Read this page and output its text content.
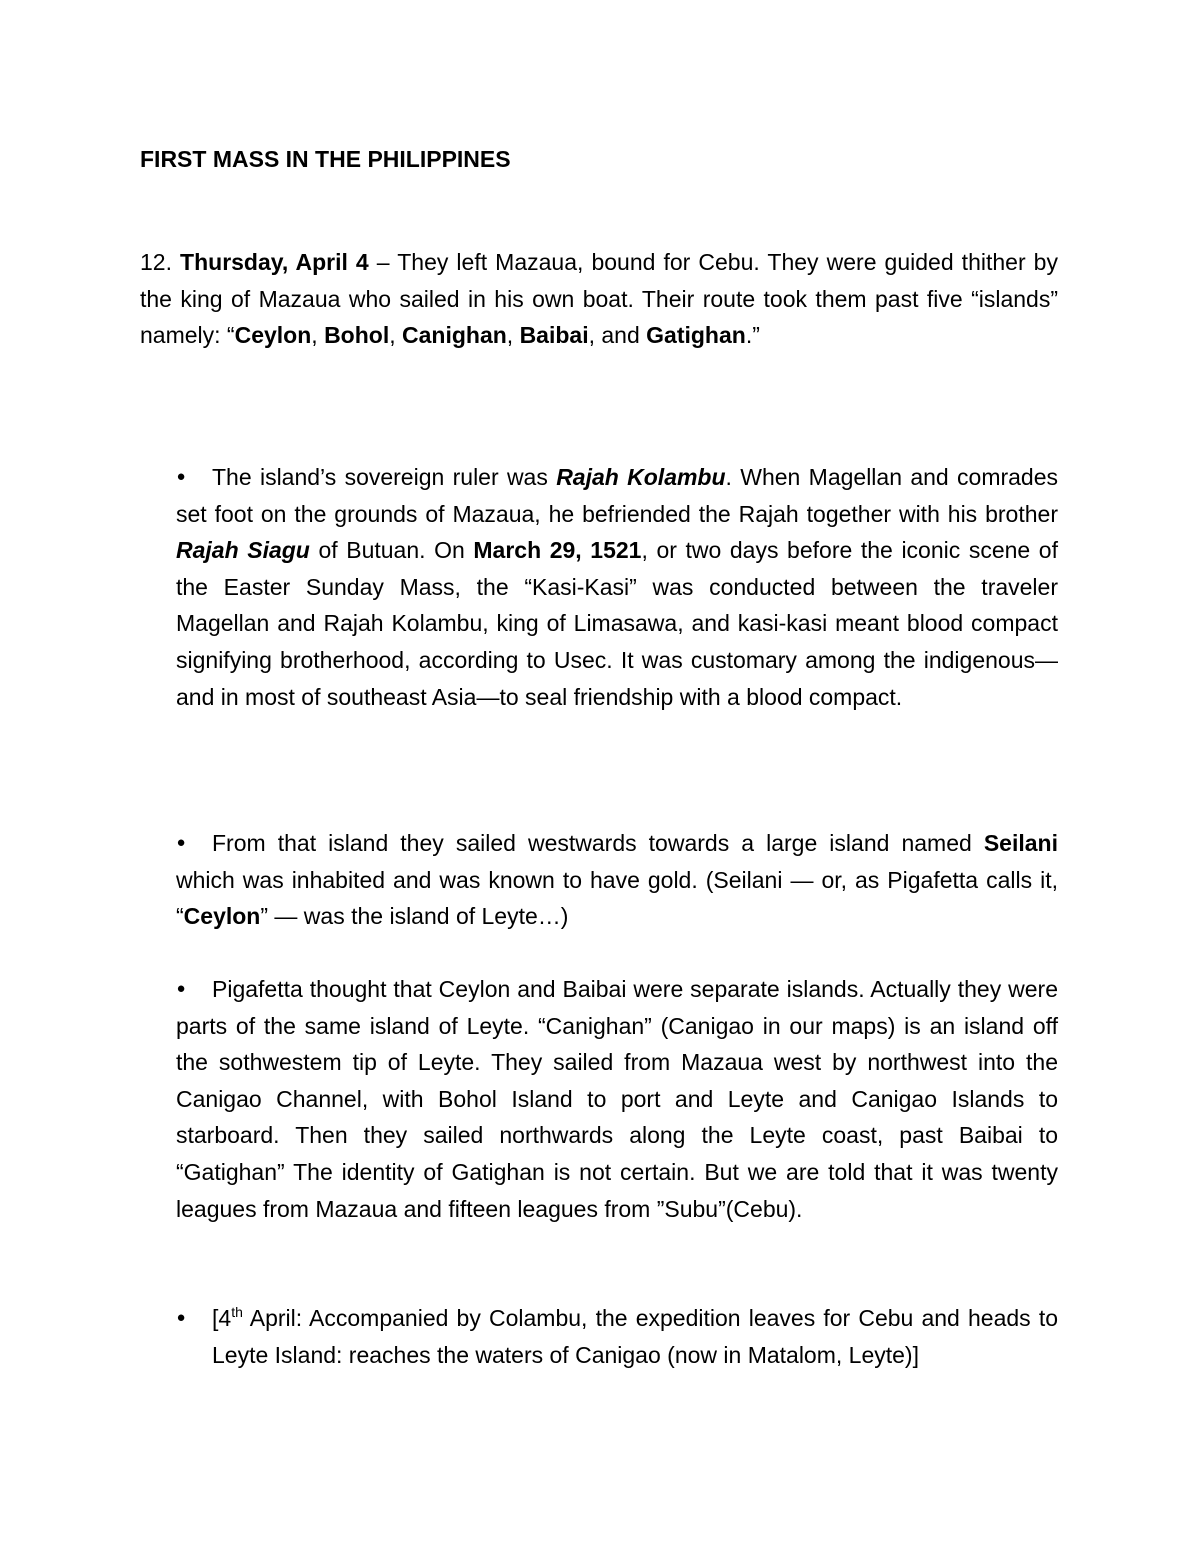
FIRST MASS IN THE PHILIPPINES

12. Thursday, April 4 – They left Mazaua, bound for Cebu. They were guided thither by the king of Mazaua who sailed in his own boat. Their route took them past five “islands” namely: “Ceylon, Bohol, Canighan, Baibai, and Gatighan.”

●	The island’s sovereign ruler was Rajah Kolambu. When Magellan and comrades set foot on the grounds of Mazaua, he befriended the Rajah together with his brother Rajah Siagu of Butuan. On March 29, 1521, or two days before the iconic scene of the Easter Sunday Mass, the “Kasi-Kasi” was conducted between the traveler Magellan and Rajah Kolambu, king of Limasawa, and kasi-kasi meant blood compact signifying brotherhood, according to Usec. It was customary among the indigenous—and in most of southeast Asia—to seal friendship with a blood compact.

●	From that island they sailed westwards towards a large island named Seilani which was inhabited and was known to have gold. (Seilani — or, as Pigafetta calls it, “Ceylon” — was the island of Leyte…)

●	Pigafetta thought that Ceylon and Baibai were separate islands. Actually they were parts of the same island of Leyte. “Canighan” (Canigao in our maps) is an island off the sothwestem tip of Leyte. They sailed from Mazaua west by northwest into the Canigao Channel, with Bohol Island to port and Leyte and Canigao Islands to starboard. Then they sailed northwards along the Leyte coast, past Baibai to “Gatighan” The identity of Gatighan is not certain. But we are told that it was twenty leagues from Mazaua and fifteen leagues from ”Subu”(Cebu).

●	[4th April: Accompanied by Colambu, the expedition leaves for Cebu and heads to Leyte Island: reaches the waters of Canigao (now in Matalom, Leyte)]
